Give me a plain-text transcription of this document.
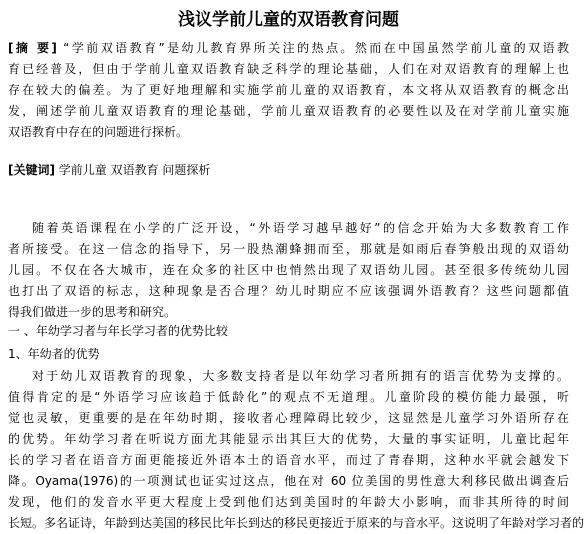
浅议学前儿童的双语教育问题
[摘 要] “学前双语教育”是幼儿教育界所关注的热点。然而在中国虽然学前儿童的双语教
育已经普及，但由于学前儿童双语教育缺乏科学的理论基础，人们在对双语教育的理解上也
存在较大的偏差。为了更好地理解和实施学前儿童的双语教育，本文将从双语教育的概念出
发，阐述学前儿童双语教育的理论基础，学前儿童双语教育的必要性以及在对学前儿童实施
双语教育中存在的问题进行探析。
[关键词] 学前儿童 双语教育 问题探析
随着英语课程在小学的广泛开设，“外语学习越早越好”的信念开始为大多数教育工作
者所接受。在这一信念的指导下，另一股热潮蜂拥而至，那就是如雨后春笋般出现的双语幼
儿园。不仅在各大城市，连在众多的社区中也悄然出现了双语幼儿园。甚至很多传统幼儿园
也打出了双语的标志，这种现象是否合理？幼儿时期应不应该强调外语教育？这些问题都值
得我们做进一步的思考和研究。
一 、年幼学习者与年长学习者的优势比较
1、年幼者的优势
对于幼儿双语教育的现象，大多数支持者是以年幼学习者所拥有的语言优势为支撑的。
值得肯定的是“外语学习应该趋于低龄化”的观点不无道理。儿童阶段的模仿能力最强，听
觉也灵敏，更重要的是在年幼时期，接收者心理障碍比较少，这显然是儿童学习外语所存在
的优势。年幼学习者在听说方面尤其能显示出其巨大的优势，大量的事实证明，儿童比起年
长的学习者在语音方面更能接近外语本土的语音水平，而过了青春期，这种水平就会越发下
降。Oyama(1976)的一项测试也证实过这点，他在对 60 位美国的男性意大利移民做出调查后
发现，他们的发音水平更大程度上受到他们达到美国时的年龄大小影响，而非其所待的时间
长短。多名证诗，年龄到达美国的移民比年长到达的移民更接近于原来的与音水平。这说明了年龄对学习者的
